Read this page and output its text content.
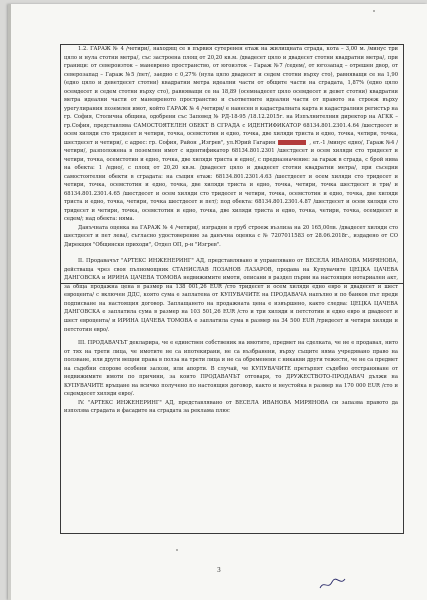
1.2. ГАРАЖ № 4 /четири/, находящ се в първия сутеренен етаж на жилищната сграда, кота – 3,00 м. /минус три цяло и нула стотни метра/, със застроена площ от 20,20 кв.м. /двадесет цяло и двадесет стотни квадратни метра/, при граници: от североизток – маневрено пространство, от югоизток – Гараж №7 /седем/, от югозапад – отрешен двор, от северозапад – Гараж №5 /пет/, заедно с 0,27% (нула цяло двадесет и седем стотни върху сто), равняващи се на 1,90 (едно цяло и деветдесет стотни) квадратни метра идеални части от общите части на сградата, 1,87% (едно цяло осемдесет и седем стотни върху сто), равняващи се на 18,89 (осемнадесет цяло осемдесет и девет стотни) квадратни метра идеални части от маневреното пространство и съответните идеални части от правото на строеж върху урегулирания поземлен имот, който ГАРАЖ № 4 /четири/ е нанесен в кадастралната карта и кадастралния регистър на гр. София, Столична община, одобрени със Заповед № РД-18-95 /18.12.2015г. на Изпълнителния директор на АГКК – гр.София, представлява САМОСТОЯТЕЛЕН ОБЕКТ В СГРАДА с ИДЕНТИФИКАТОР 68134.801.2301.4.64 /шестдесет и осем хиляди сто тридесет и четири, точка, осемстотин и едно, точка, две хиляди триста и едно, точка, четири, точка, шестдесет и четири/, с адрес: гр. София, Район „Изгрев", ул.Юрий Гагарин	, ет.-1 /минус едно/, Гараж №4 /четири/, разположена в поземлен имот с идентификатор 68134.801.2301 /шестдесет и осем хиляди сто тридесет и четири, точка, осемстотин и едно, точка, две хиляди триста и едно/, с предназначение: за гараж в сграда, с брой нива на обекта: 1 /едно/, с площ от 20,20 кв.м. /двадесет цяло и двадесет стотни квадратни метра/, при съседни самостоятелни обекти в сградата: на същия етаж: 68134.801.2301.4.63 /шестдесет и осем хиляди сто тридесет и четири, точка, осемстотин и едно, точка, две хиляди триста и едно, точка, четири, точка шестдесет и три/ и 68134.801.2301.4.65 /шестдесет и осем хиляди сто тридесет и четири, точка, осемстотин и едно, точка, две хиляди триста и едно, точка, четири, точка шестдесет и пет/; под обекта: 68134.801.2301.4.87 /шестдесет и осем хиляди сто тридесет и четири, точка, осемстотин и едно, точка, две хиляди триста и едно, точка, четири, точка, осемдесет и седем/; над обекта: няма.

Данъчната оценка на ГАРАЖ № 4 /четири/, изграден в груб строеж възлиза на 20 165,00лв. /двадесет хиляди сто шестдесет и пет лева/, съгласно удостоверение за данъчна оценка с № 7207011583 от 28.06.2018г., издадено от СО Дирекция "Общински приходи", Отдел ОП, р-н "Изгрев".

II. Продавачът "АРТЕКС ИНЖЕНЕРИНГ" АД, представлявано и управлявано от ВЕСЕЛА ИВАНОВА МИРЯНОВА, действаща чрез своя пълномощник СТАНИСЛАВ ЛОЗАНОВ ЛАЗАРОВ, продава на Купувачите ЦЕЦКА ЦАЧЕВА ДАНГОВСКА и ИРИНА ЦАЧЕВА ТОМОВА недвижимите имоти, описани в раздел първи на настоящия нотариален акт, за обща продажна цена в размер на 138 001,26 EUR /сто тридесет и осем хиляди едно евро и двадесет и шест евроцента/ с включен ДДС, която сума е заплатена от КУПУВАЧИТЕ на ПРОДАВАЧА напълно и по банков път преди подписване на настоящия договор. Заплащането на продажната цена е извършено, както следва: ЦЕЦКА ЦАЧЕВА ДАНГОВСКА е заплатила сума в размер на 103 501,26 EUR /сто и три хиляди и петстотин и едно евро и двадесет и шест евроцента/ и ИРИНА ЦАЧЕВА ТОМОВА е заплатила сума в размер на 34 500 EUR /тридесет и четири хиляди и петстотин евро/.

III. ПРОДАВАЧЪТ декларира, че е единствен собственик на имотите, предмет на сделката, че не е продавал, нито от тях на трети лица, че имотите не са ипотекирани, не са възбранени, върху същите няма учредявано право на ползване, или други вещни права в полза на трети лица и не са обременени с никакви други тежести, че не са предмет на съдебни спорове особени залози, или апорти. В случай, че КУПУВАЧИТЕ претърпят съдебно отстраняване от недвижимите имоти по причини, за които ПРОДАВАЧЪТ отговаря, то ДРУЖЕСТВОТО-ПРОДАВАЧ дължи на КУПУВАЧИТЕ връщане на всичко получено по настоящия договор, както и неустойка в размер на 170 000 EUR /сто и седемдесет хиляди евро/.

IV. "АРТЕКС ИНЖЕНЕРИНГ" АД, представлявано от ВЕСЕЛА ИВАНОВА МИРЯНОВА си запазва правото да използва сградата и фасадите на сградата за реклама плюс

3
